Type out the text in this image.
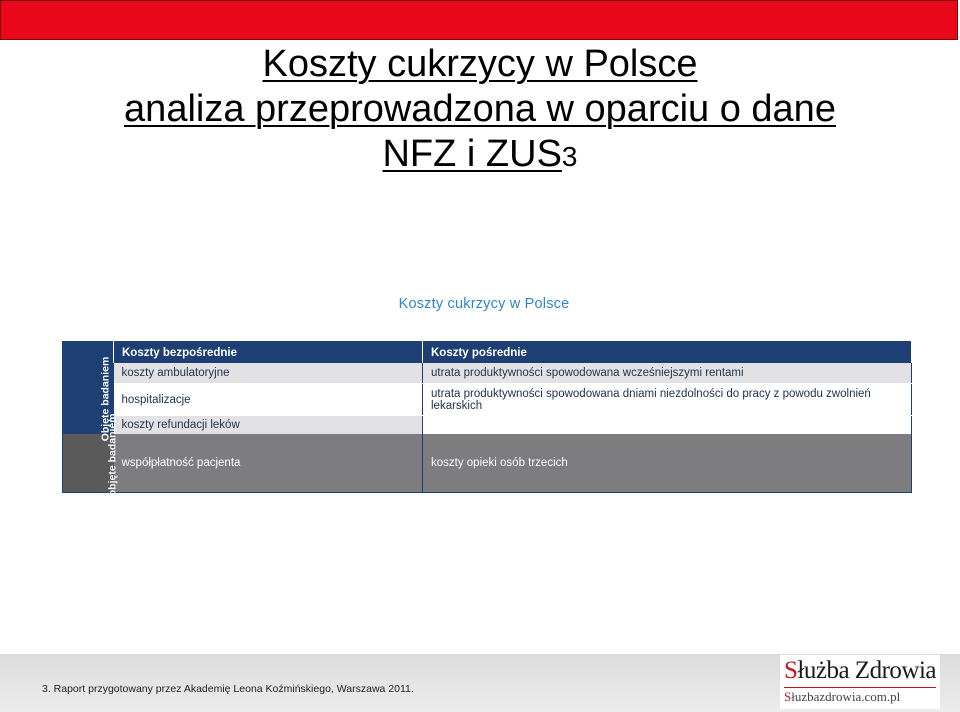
Koszty cukrzycy w Polsce
analiza przeprowadzona w oparciu o dane
NFZ i ZUS3
Koszty cukrzycy w Polsce
	Koszty bezpośrednie	Koszty pośrednie
Objęte badaniem	koszty ambulatoryjne	utrata produktywności spowodowana wcześniejszymi rentami
	hospitalizacje	utrata produktywności spowodowana dniami niezdolności do pracy z powodu zwolnień lekarskich
	koszty refundacji leków	
Nieobjęte badaniem	współpłatność pacjenta	koszty opieki osób trzecich
3. Raport przygotowany przez Akademię Leona Koźmińskiego, Warszawa 2011.
Służba Zdrowia
Słuzbazdrowia.com.pl
